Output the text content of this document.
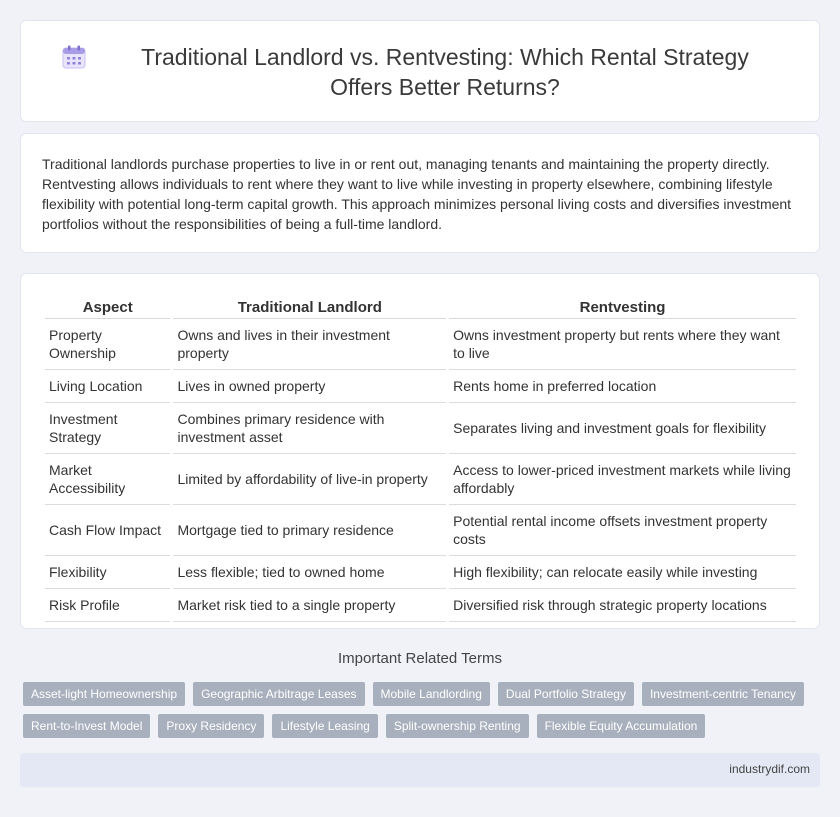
Traditional Landlord vs. Rentvesting: Which Rental Strategy Offers Better Returns?

Traditional landlords purchase properties to live in or rent out, managing tenants and maintaining the property directly. Rentvesting allows individuals to rent where they want to live while investing in property elsewhere, combining lifestyle flexibility with potential long-term capital growth. This approach minimizes personal living costs and diversifies investment portfolios without the responsibilities of being a full-time landlord.

Aspect	Traditional Landlord	Rentvesting
Property Ownership	Owns and lives in their investment property	Owns investment property but rents where they want to live
Living Location	Lives in owned property	Rents home in preferred location
Investment Strategy	Combines primary residence with investment asset	Separates living and investment goals for flexibility
Market Accessibility	Limited by affordability of live-in property	Access to lower-priced investment markets while living affordably
Cash Flow Impact	Mortgage tied to primary residence	Potential rental income offsets investment property costs
Flexibility	Less flexible; tied to owned home	High flexibility; can relocate easily while investing
Risk Profile	Market risk tied to a single property	Diversified risk through strategic property locations
Important Related Terms
Asset-light Homeownership	Geographic Arbitrage Leases	Mobile Landlording	Dual Portfolio Strategy	Investment-centric Tenancy
Rent-to-Invest Model	Proxy Residency	Lifestyle Leasing	Split-ownership Renting	Flexible Equity Accumulation
industrydif.com
